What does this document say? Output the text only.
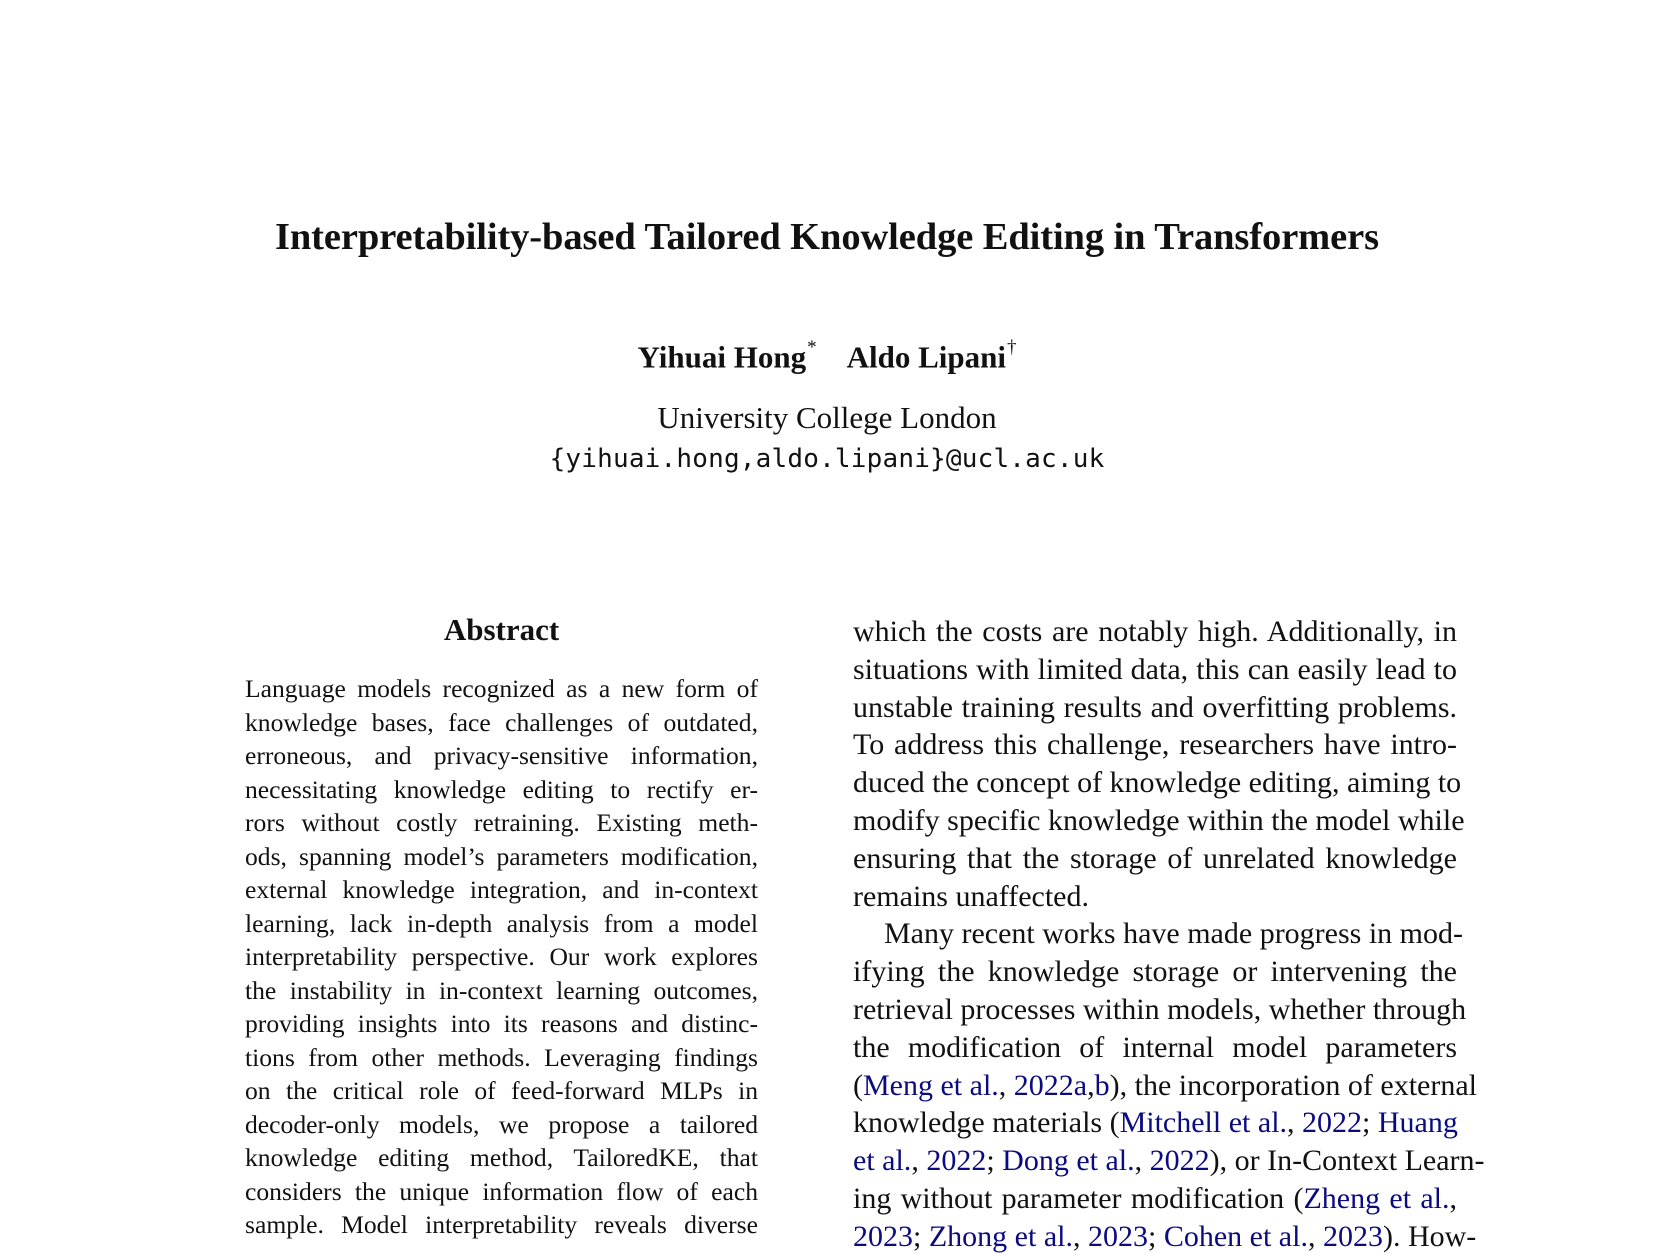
Interpretability-based Tailored Knowledge Editing in Transformers
Yihuai Hong* Aldo Lipani†
University College London
{yihuai.hong,aldo.lipani}@ucl.ac.uk
Abstract

Language models recognized as a new form of

knowledge bases, face challenges of outdated,

erroneous, and privacy-sensitive information,

necessitating knowledge editing to rectify er-

rors without costly retraining. Existing meth-

ods, spanning model’s parameters modification,

external knowledge integration, and in-context

learning, lack in-depth analysis from a model

interpretability perspective. Our work explores

the instability in in-context learning outcomes,

providing insights into its reasons and distinc-

tions from other methods. Leveraging findings

on the critical role of feed-forward MLPs in

decoder-only models, we propose a tailored

knowledge editing method, TailoredKE, that

considers the unique information flow of each

sample. Model interpretability reveals diverse

which the costs are notably high. Additionally, in

situations with limited data, this can easily lead to

unstable training results and overfitting problems.

To address this challenge, researchers have intro-

duced the concept of knowledge editing, aiming to

modify specific knowledge within the model while

ensuring that the storage of unrelated knowledge

remains unaffected.

Many recent works have made progress in mod-

ifying the knowledge storage or intervening the

retrieval processes within models, whether through

the modification of internal model parameters

(Meng et al., 2022a,b), the incorporation of external

knowledge materials (Mitchell et al., 2022; Huang

et al., 2022; Dong et al., 2022), or In-Context Learn-

ing without parameter modification (Zheng et al.,

2023; Zhong et al., 2023; Cohen et al., 2023). How-
